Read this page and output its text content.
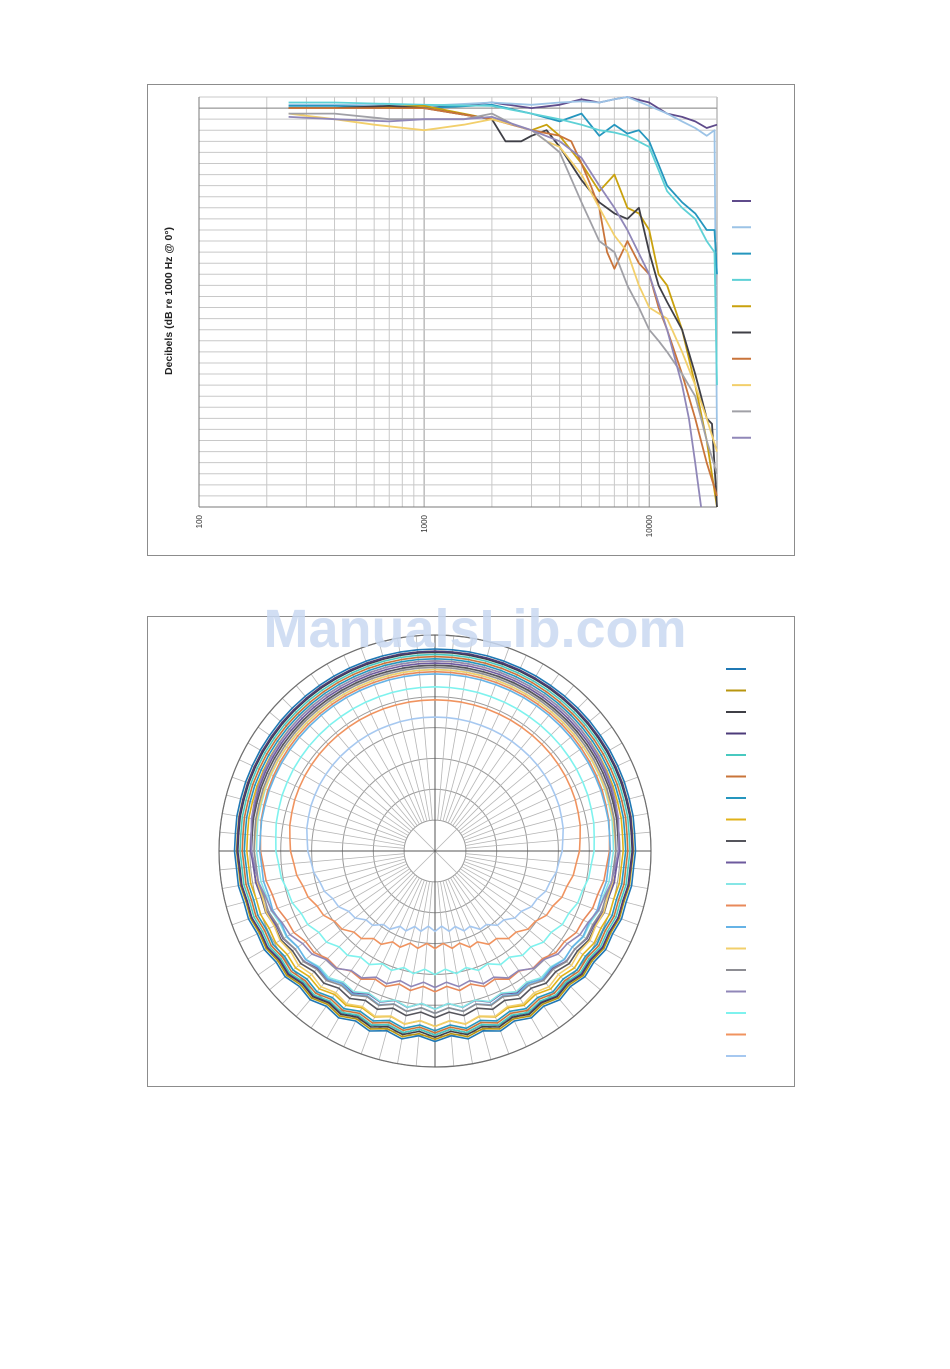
100	1000	10000
Decibels (dB re 1000 Hz @ 0°)
ManualsLib.com
